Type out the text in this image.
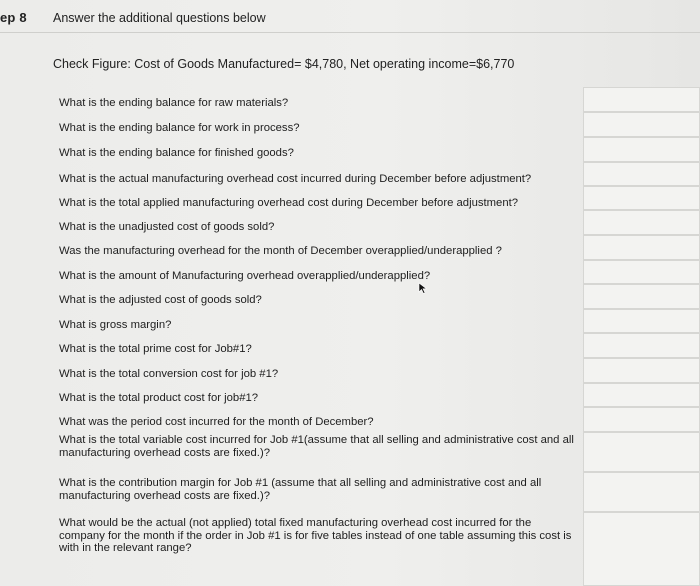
ep 8 Answer the additional questions below
Check Figure: Cost of Goods Manufactured= $4,780, Net operating income=$6,770
What is the ending balance for raw materials?
What is the ending balance for work in process?
What is the ending balance for finished goods?
What is the actual manufacturing overhead cost incurred during December before adjustment?
What is the total applied manufacturing overhead cost during December before adjustment?
What is the unadjusted cost of goods sold?
Was the manufacturing overhead for the month of December overapplied/underapplied ?
What is the amount of Manufacturing overhead overapplied/underapplied?
What is the adjusted cost of goods sold?
What is gross margin?
What is the total prime cost for Job#1?
What is the total conversion cost for job #1?
What is the total product cost for job#1?
What was the period cost incurred for the month of December?
What is the total variable cost incurred for Job #1(assume that all selling and administrative cost and all manufacturing overhead costs are fixed.)?
What is the contribution margin for Job #1 (assume that all selling and administrative cost and all manufacturing overhead costs are fixed.)?
What would be the actual (not applied) total fixed manufacturing overhead cost incurred for the company for the month if the order in Job #1 is for five tables instead of one table assuming this cost is with in the relevant range?
